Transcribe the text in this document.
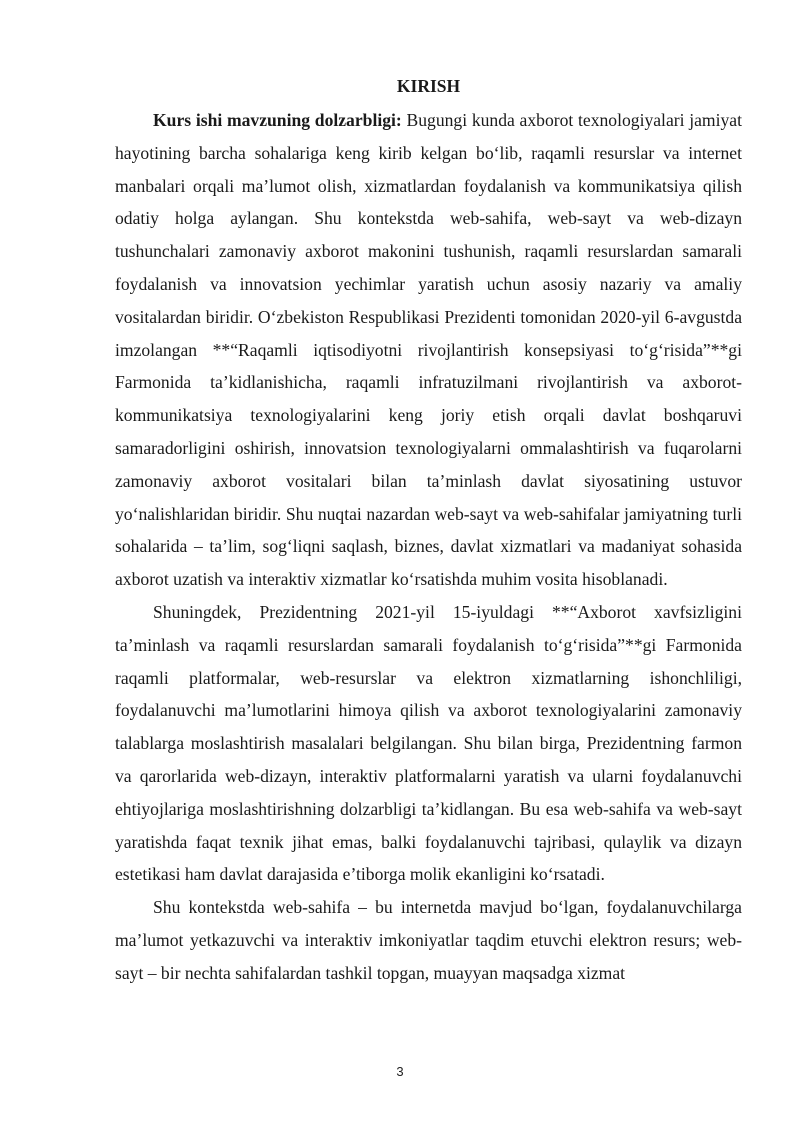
KIRISH

Kurs ishi mavzuning dolzarbligi: Bugungi kunda axborot texnologiyalari jamiyat hayotining barcha sohalariga keng kirib kelgan bo‘lib, raqamli resurslar va internet manbalari orqali ma’lumot olish, xizmatlardan foydalanish va kommunikatsiya qilish odatiy holga aylangan. Shu kontekstda web-sahifa, web-sayt va web-dizayn tushunchalari zamonaviy axborot makonini tushunish, raqamli resurslardan samarali foydalanish va innovatsion yechimlar yaratish uchun asosiy nazariy va amaliy vositalardan biridir. O‘zbekiston Respublikasi Prezidenti tomonidan 2020-yil 6-avgustda imzolangan **“Raqamli iqtisodiyotni rivojlantirish konsepsiyasi to‘g‘risida”**gi Farmonida ta’kidlanishicha, raqamli infratuzilmani rivojlantirish va axborot-kommunikatsiya texnologiyalarini keng joriy etish orqali davlat boshqaruvi samaradorligini oshirish, innovatsion texnologiyalarni ommalashtirish va fuqarolarni zamonaviy axborot vositalari bilan ta’minlash davlat siyosatining ustuvor yo‘nalishlaridan biridir. Shu nuqtai nazardan web-sayt va web-sahifalar jamiyatning turli sohalarida – ta’lim, sog‘liqni saqlash, biznes, davlat xizmatlari va madaniyat sohasida axborot uzatish va interaktiv xizmatlar ko‘rsatishda muhim vosita hisoblanadi.

Shuningdek, Prezidentning 2021-yil 15-iyuldagi **“Axborot xavfsizligini ta’minlash va raqamli resurslardan samarali foydalanish to‘g‘risida”**gi Farmonida raqamli platformalar, web-resurslar va elektron xizmatlarning ishonchliligi, foydalanuvchi ma’lumotlarini himoya qilish va axborot texnologiyalarini zamonaviy talablarga moslashtirish masalalari belgilangan. Shu bilan birga, Prezidentning farmon va qarorlarida web-dizayn, interaktiv platformalarni yaratish va ularni foydalanuvchi ehtiyojlariga moslashtirishning dolzarbligi ta’kidlangan. Bu esa web-sahifa va web-sayt yaratishda faqat texnik jihat emas, balki foydalanuvchi tajribasi, qulaylik va dizayn estetikasi ham davlat darajasida e’tiborga molik ekanligini ko‘rsatadi.

Shu kontekstda web-sahifa – bu internetda mavjud bo‘lgan, foydalanuvchilarga ma’lumot yetkazuvchi va interaktiv imkoniyatlar taqdim etuvchi elektron resurs; web-sayt – bir nechta sahifalardan tashkil topgan, muayyan maqsadga xizmat

3
